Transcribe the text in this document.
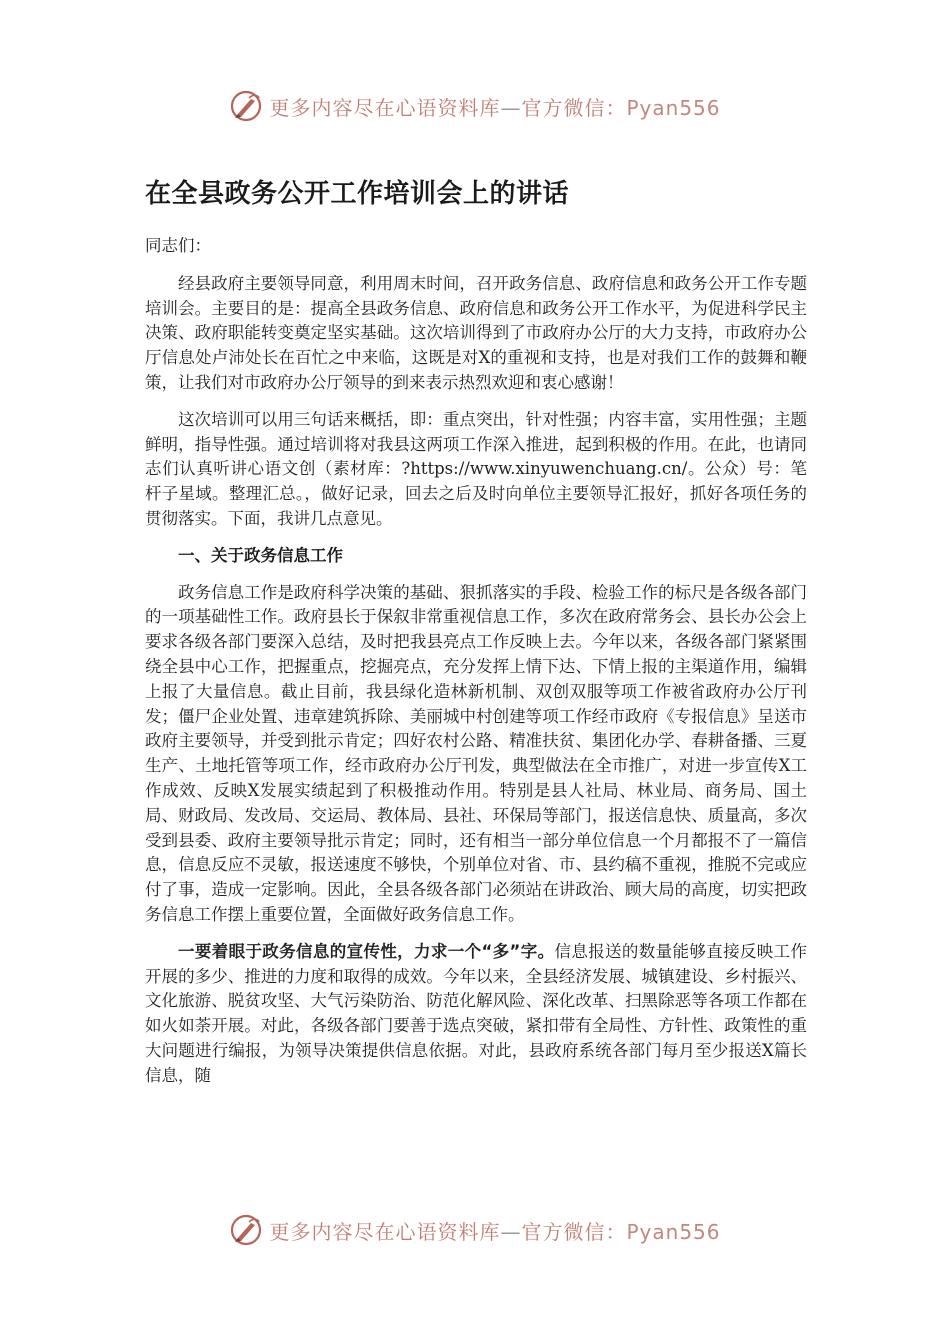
更多内容尽在心语资料库—官方微信：Pyan556
在全县政务公开工作培训会上的讲话

同志们：

经县政府主要领导同意，利用周末时间，召开政务信息、政府信息和政务公开工作专题培训会。主要目的是：提高全县政务信息、政府信息和政务公开工作水平，为促进科学民主决策、政府职能转变奠定坚实基础。这次培训得到了市政府办公厅的大力支持，市政府办公厅信息处卢沛处长在百忙之中来临，这既是对X的重视和支持，也是对我们工作的鼓舞和鞭策，让我们对市政府办公厅领导的到来表示热烈欢迎和衷心感谢！

这次培训可以用三句话来概括，即：重点突出，针对性强；内容丰富，实用性强；主题鲜明，指导性强。通过培训将对我县这两项工作深入推进，起到积极的作用。在此，也请同志们认真听讲心语文创（素材库：?https://www.xinyuwenchuang.cn/。公众）号：笔杆子星域。整理汇总。，做好记录，回去之后及时向单位主要领导汇报好，抓好各项任务的贯彻落实。下面，我讲几点意见。

一、关于政务信息工作

政务信息工作是政府科学决策的基础、狠抓落实的手段、检验工作的标尺是各级各部门的一项基础性工作。政府县长于保叙非常重视信息工作，多次在政府常务会、县长办公会上要求各级各部门要深入总结，及时把我县亮点工作反映上去。今年以来，各级各部门紧紧围绕全县中心工作，把握重点，挖掘亮点，充分发挥上情下达、下情上报的主渠道作用，编辑上报了大量信息。截止目前，我县绿化造林新机制、双创双服等项工作被省政府办公厅刊发；僵尸企业处置、违章建筑拆除、美丽城中村创建等项工作经市政府《专报信息》呈送市政府主要领导，并受到批示肯定；四好农村公路、精准扶贫、集团化办学、春耕备播、三夏生产、土地托管等项工作，经市政府办公厅刊发，典型做法在全市推广，对进一步宣传X工作成效、反映X发展实绩起到了积极推动作用。特别是县人社局、林业局、商务局、国土局、财政局、发改局、交运局、教体局、县社、环保局等部门，报送信息快、质量高，多次受到县委、政府主要领导批示肯定；同时，还有相当一部分单位信息一个月都报不了一篇信息，信息反应不灵敏，报送速度不够快，个别单位对省、市、县约稿不重视，推脱不完或应付了事，造成一定影响。因此，全县各级各部门必须站在讲政治、顾大局的高度，切实把政务信息工作摆上重要位置，全面做好政务信息工作。

一要着眼于政务信息的宣传性，力求一个“多”字。信息报送的数量能够直接反映工作开展的多少、推进的力度和取得的成效。今年以来，全县经济发展、城镇建设、乡村振兴、文化旅游、脱贫攻坚、大气污染防治、防范化解风险、深化改革、扫黑除恶等各项工作都在如火如荼开展。对此，各级各部门要善于选点突破，紧扣带有全局性、方针性、政策性的重大问题进行编报，为领导决策提供信息依据。对此，县政府系统各部门每月至少报送X篇长信息，随

更多内容尽在心语资料库—官方微信：Pyan556
